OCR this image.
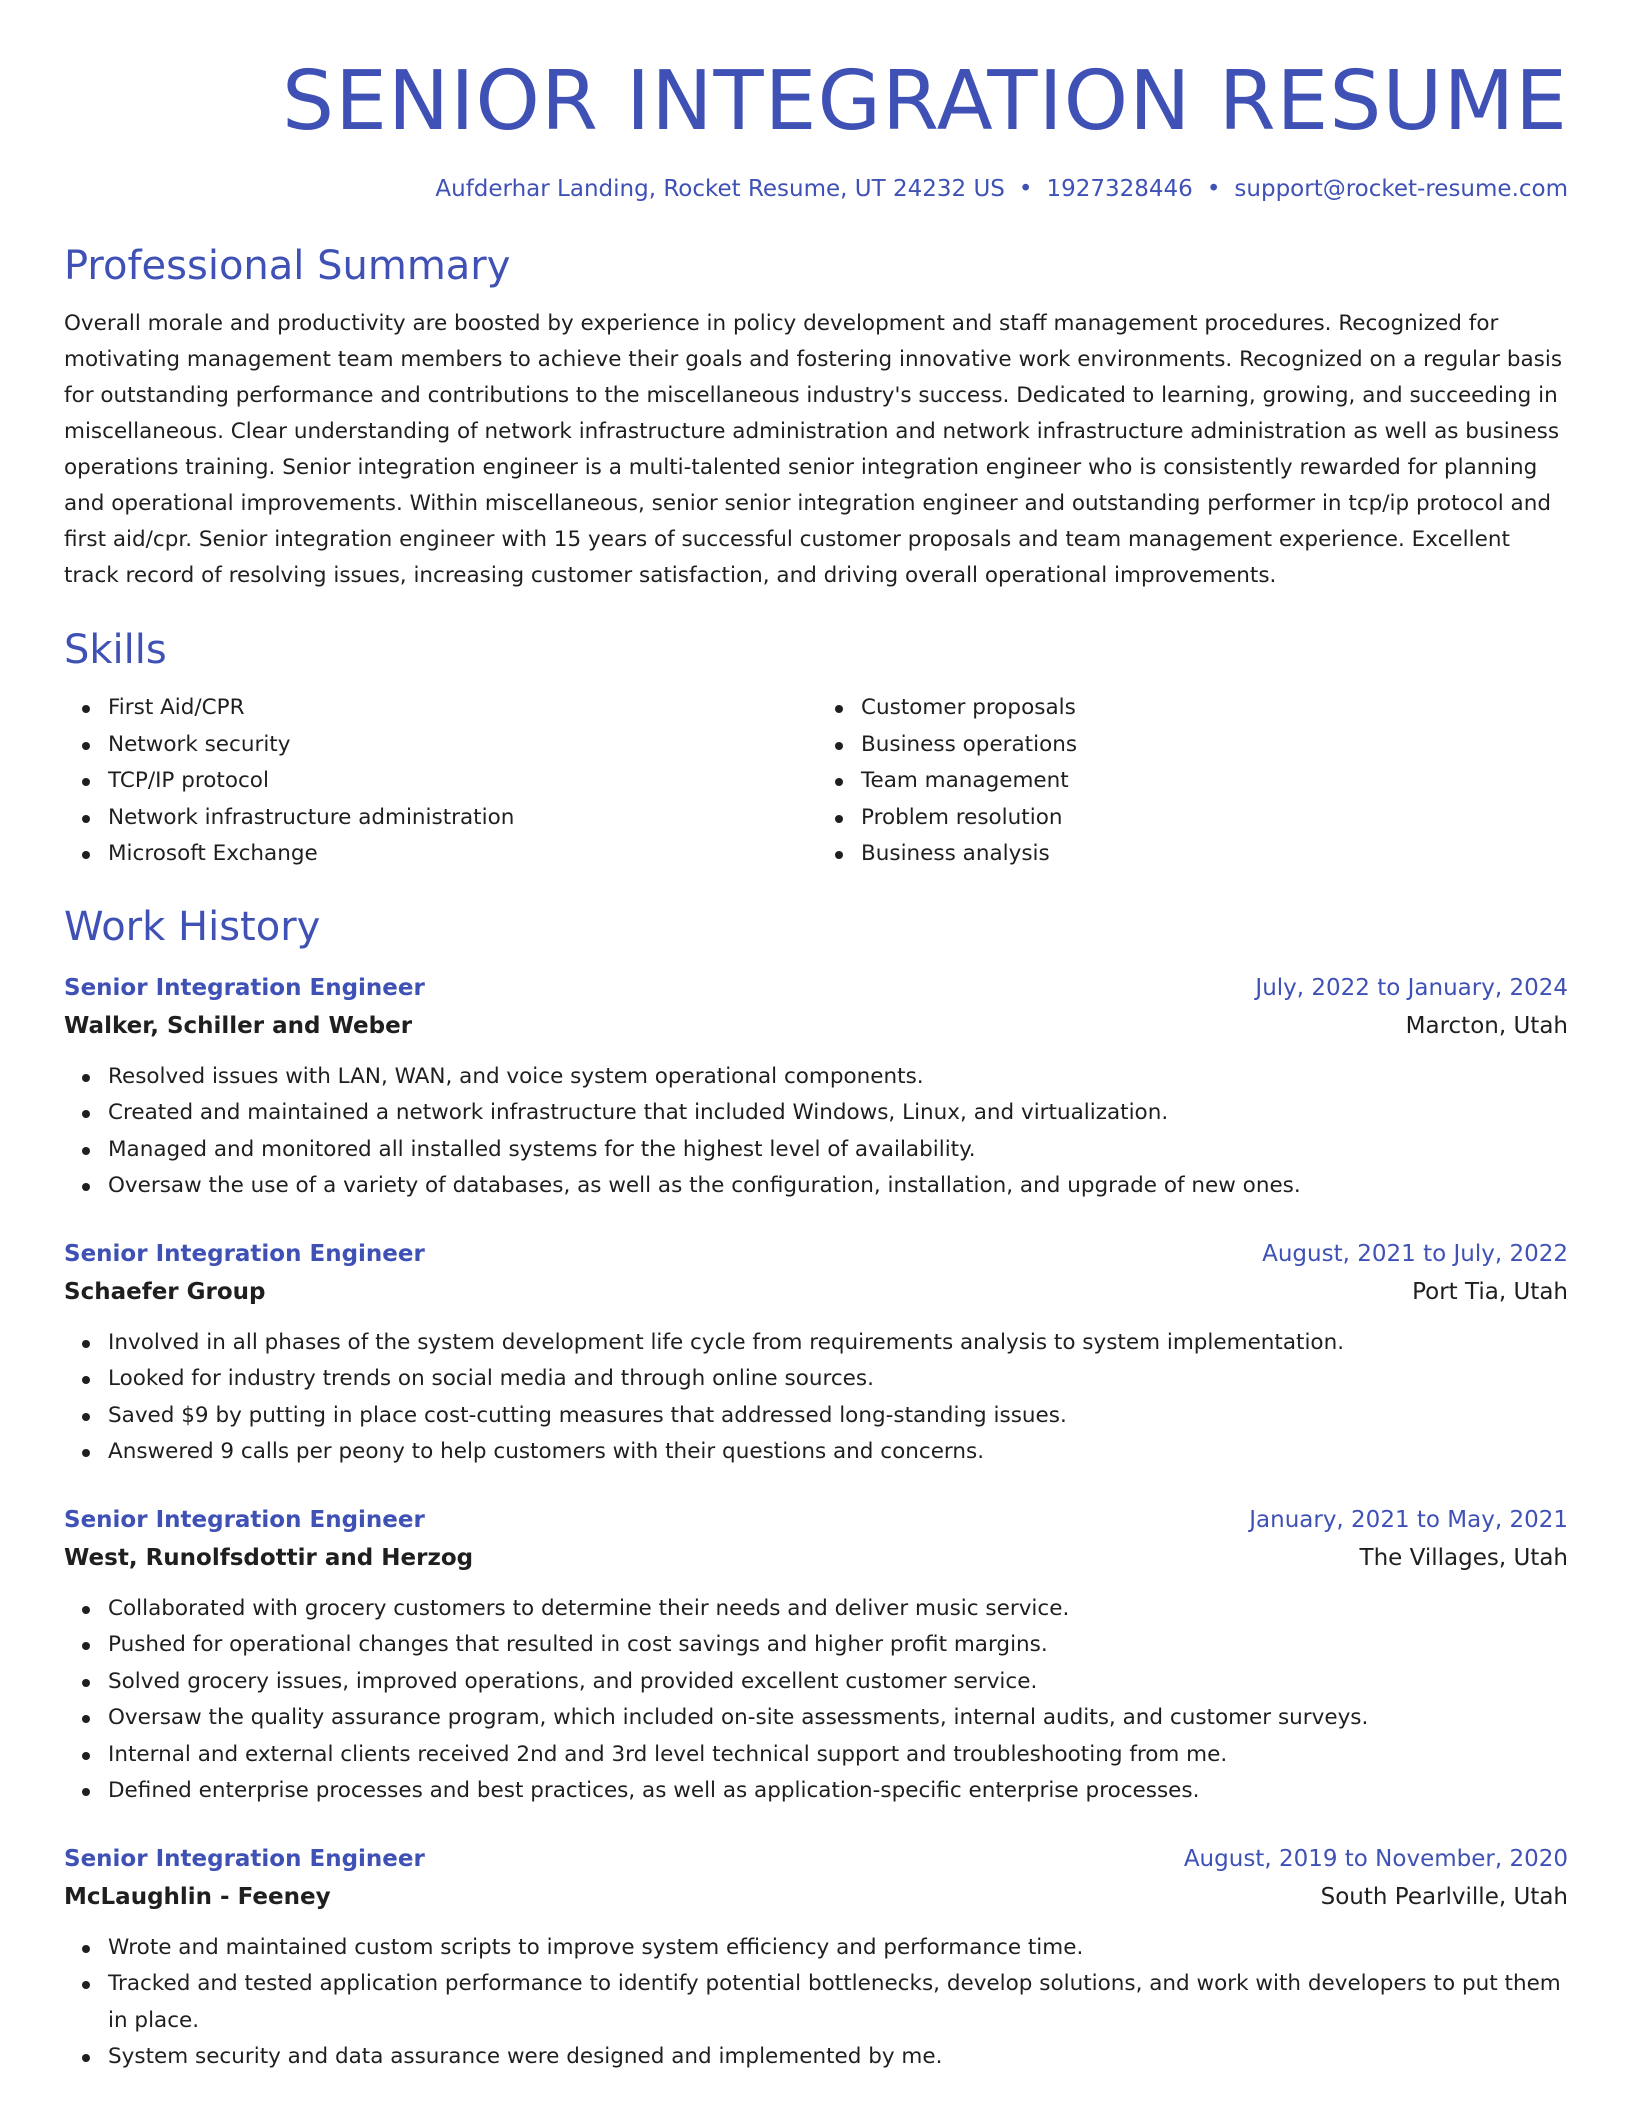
SENIOR INTEGRATION RESUME
Aufderhar Landing, Rocket Resume, UT 24232 US • 1927328446 • support@rocket-resume.com
Professional Summary

Overall morale and productivity are boosted by experience in policy development and staff management procedures. Recognized for motivating management team members to achieve their goals and fostering innovative work environments. Recognized on a regular basis for outstanding performance and contributions to the miscellaneous industry's success. Dedicated to learning, growing, and succeeding in miscellaneous. Clear understanding of network infrastructure administration and network infrastructure administration as well as business operations training. Senior integration engineer is a multi-talented senior integration engineer who is consistently rewarded for planning and operational improvements. Within miscellaneous, senior senior integration engineer and outstanding performer in tcp/ip protocol and first aid/cpr. Senior integration engineer with 15 years of successful customer proposals and team management experience. Excellent track record of resolving issues, increasing customer satisfaction, and driving overall operational improvements.

Skills
First Aid/CPR
Network security
TCP/IP protocol
Network infrastructure administration
Microsoft Exchange
Customer proposals
Business operations
Team management
Problem resolution
Business analysis
Work History
Senior Integration Engineer	July, 2022 to January, 2024
Walker, Schiller and Weber	Marcton, Utah
Resolved issues with LAN, WAN, and voice system operational components.
Created and maintained a network infrastructure that included Windows, Linux, and virtualization.
Managed and monitored all installed systems for the highest level of availability.
Oversaw the use of a variety of databases, as well as the configuration, installation, and upgrade of new ones.
Senior Integration Engineer	August, 2021 to July, 2022
Schaefer Group	Port Tia, Utah
Involved in all phases of the system development life cycle from requirements analysis to system implementation.
Looked for industry trends on social media and through online sources.
Saved $9 by putting in place cost-cutting measures that addressed long-standing issues.
Answered 9 calls per peony to help customers with their questions and concerns.
Senior Integration Engineer	January, 2021 to May, 2021
West, Runolfsdottir and Herzog	The Villages, Utah
Collaborated with grocery customers to determine their needs and deliver music service.
Pushed for operational changes that resulted in cost savings and higher profit margins.
Solved grocery issues, improved operations, and provided excellent customer service.
Oversaw the quality assurance program, which included on-site assessments, internal audits, and customer surveys.
Internal and external clients received 2nd and 3rd level technical support and troubleshooting from me.
Defined enterprise processes and best practices, as well as application-specific enterprise processes.
Senior Integration Engineer	August, 2019 to November, 2020
McLaughlin - Feeney	South Pearlville, Utah
Wrote and maintained custom scripts to improve system efficiency and performance time.
Tracked and tested application performance to identify potential bottlenecks, develop solutions, and work with developers to put them in place.
System security and data assurance were designed and implemented by me.
